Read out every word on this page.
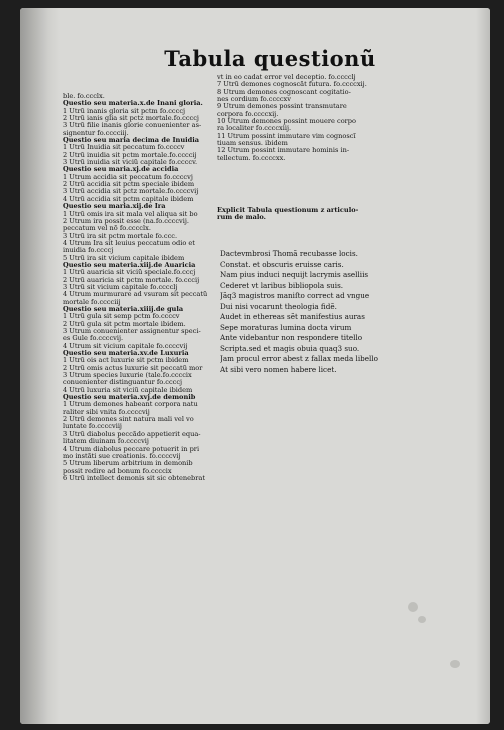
Tabula questionũ
ble. fo.ccclx.
Questio seu materia.x.de Inani gloria.
1 Utrũ inanis gloria sit pctm fo.ccccj
2 Utrũ ianis glia sit pctz mortale.fo.ccccj
3 Utrũ filie inanis glorie conuenienter as-
signentur fo.cccciij.
Questio seu maria decima de Inuidia
1 Utrũ Inuidia sit peccatum fo.ccccv
2 Utrũ inuidia sit pctm mortale.fo.ccccij
3 Utrũ inuidia sit viciũ capitale fo.ccccv.
Questio seu maria.xj.de accidia
1 Utrum accidia sit peccatum fo.ccccvj
2 Utrũ accidia sit pctm speciale ibidem
3 Utrũ accidia sit pctz mortale.fo.ccccvij
4 Utrũ accidia sit pctm capitale ibidem
Questio seu maria.xij.de Ira
1 Utrũ omis ira sit mala vel aliqua sit bo
2 Utrum ira possit esse (na.fo.ccccvij.
peccatum vel nõ fo.cccclx.
3 Utrũ ira sit pctm mortale fo.ccc.
4 Utrum Ira sit leuius peccatum odio et
inuidia fo.ccccj
5 Utrũ ira sit vicium capitale ibidem
Questio seu materia.xiij.de Auaricia
1 Utrũ auaricia sit viciũ speciale.fo.cccj
2 Utrũ auaricia sit pctm mortale. fo.cccij
3 Utrũ sit vicium capitale fo.cccclj
4 Utrum murmurare ad vsuram sit peccatũ
mortale fo.cccciij
Questio seu materia.xiiij.de gula
1 Utrũ gula sit semp pctm fo.ccccv
2 Utrũ gula sit pctm mortale ibidem.
3 Utrum conuenienter assignentur speci-
es Gule fo.ccccvij.
4 Utrum sit vicium capitale fo.ccccvij
Questio seu materia.xv.de Luxuria
1 Utrũ ois act luxurie sit pctm ibidem
2 Utrũ omis actus luxurie sit peccatũ mor
3 Utrum species luxurie (tale.fo.ccccix
conuenienter distinguantur fo.ccccj
4 Utrũ luxuria sit viciũ capitale ibidem
Questio seu materia.xvj.de demonib
1 Utrum demones habeant corpora natu
raliter sibi vnita fo.ccccvij
2 Utrũ demones sint natura mali vel vo
luntate fo.ccccviij
3 Utrũ diabolus peccãdo appetierit equa-
litatem diuinam fo.ccccvij
4 Utrum diabolus peccare potuerit in pri
mo instãti sue creationis. fo.ccccvij
5 Utrum liberum arbitrium in demonib
possit redire ad bonum fo.ccccix
6 Utrũ intellect demonis sit sic obtenebrat
vt in eo cadat error vel deceptio. fo.cccclj
7 Utrũ demones cognoscãt futura. fo.ccccxij.
8 Utrum demones cognoscant cogitatio-
nes cordium fo.ccccxv
9 Utrum demones possint transmutare
corpora fo.ccccxij.
10 Utrum demones possint mouere corpo
ra localiter fo.ccccxiij.
11 Utrum possint immutare vim cognoscĩ
tiuam sensus. ibidem
12 Utrum possint immutare hominis in-
tellectum. fo.ccccxx.
Explicit Tabula questionum z articulo-
rum de malo.
Dactevmbrosi Thomã recubasse locis.
Constat. et obscuris eruisse caris.
Nam pius induci nequijt lacrymis aselliis
Cederet vt laribus bibliopola suis.
Jãq3 magistros maniſto correct ad vngue
Dui nisi vocarunt theologia fidẽ.
Audet in ethereas sẽt manifestius auras
Sepe moraturas lumina docta virum
Ante videbantur non respondere titello
Scripta.sed et magis obuia quaq3 suo.
Jam procul error abest z fallax meda libello
At sibi vero nomen habere licet.
